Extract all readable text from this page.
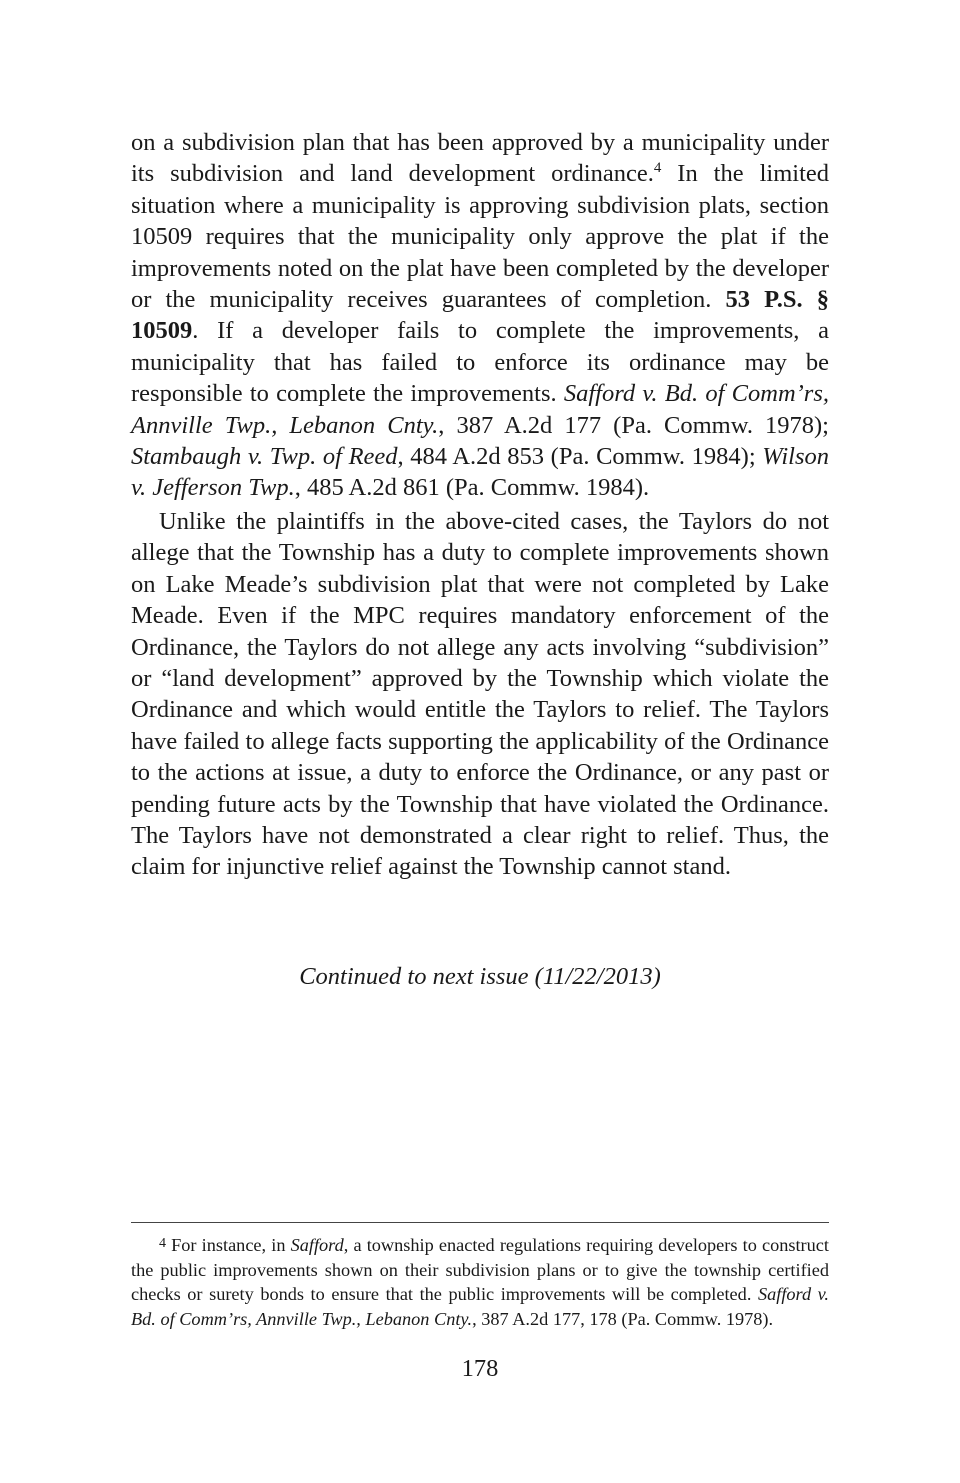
on a subdivision plan that has been approved by a municipality under its subdivision and land development ordinance.$^4$ In the limited situation where a municipality is approving subdivision plats, section 10509 requires that the municipality only approve the plat if the improvements noted on the plat have been completed by the developer or the municipality receives guarantees of completion. 53 P.S. § 10509. If a developer fails to complete the improvements, a municipality that has failed to enforce its ordinance may be responsible to complete the improvements. Safford v. Bd. of Comm’rs, Annville Twp., Lebanon Cnty., 387 A.2d 177 (Pa. Commw. 1978); Stambaugh v. Twp. of Reed, 484 A.2d 853 (Pa. Commw. 1984); Wilson v. Jefferson Twp., 485 A.2d 861 (Pa. Commw. 1984).

Unlike the plaintiffs in the above-cited cases, the Taylors do not allege that the Township has a duty to complete improvements shown on Lake Meade’s subdivision plat that were not completed by Lake Meade. Even if the MPC requires mandatory enforcement of the Ordinance, the Taylors do not allege any acts involving “subdivision” or “land development” approved by the Township which violate the Ordinance and which would entitle the Taylors to relief. The Taylors have failed to allege facts supporting the applicability of the Ordinance to the actions at issue, a duty to enforce the Ordinance, or any past or pending future acts by the Township that have violated the Ordinance. The Taylors have not demonstrated a clear right to relief. Thus, the claim for injunctive relief against the Township cannot stand.

Continued to next issue (11/22/2013)

$^4$ For instance, in Safford, a township enacted regulations requiring developers to construct the public improvements shown on their subdivision plans or to give the township certified checks or surety bonds to ensure that the public improvements will be completed. Safford v. Bd. of Comm’rs, Annville Twp., Lebanon Cnty., 387 A.2d 177, 178 (Pa. Commw. 1978).

178
